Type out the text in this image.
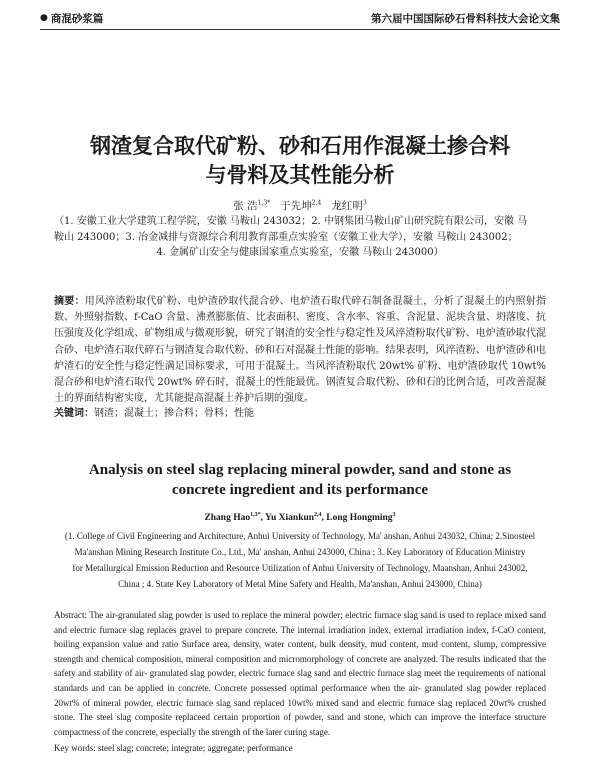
● 商混砂浆篇	第六届中国国际砂石骨料科技大会论文集
钢渣复合取代矿粉、砂和石用作混凝土掺合料
与骨料及其性能分析
张 浩$^{1,3*}$ 于先坤$^{2,4}$ 龙红明$^3$
（1. 安徽工业大学建筑工程学院，安徽 马鞍山 243032；2. 中钢集团马鞍山矿山研究院有限公司，安徽 马
鞍山 243000；3. 冶金减排与资源综合利用教育部重点实验室（安徽工业大学），安徽 马鞍山 243002；
4. 金属矿山安全与健康国家重点实验室，安徽 马鞍山 243000）
摘要：用风淬渣粉取代矿粉、电炉渣砂取代混合砂、电炉渣石取代碎石制备混凝土，分析了混凝土的内照射指数、外照射指数、f-CaO 含量、沸煮膨胀值、比表面积、密度、含水率、容重、含泥量、泥块含量、坍落度、抗压强度及化学组成、矿物组成与微观形貌，研究了钢渣的安全性与稳定性及风淬渣粉取代矿粉、电炉渣砂取代混合砂、电炉渣石取代碎石与钢渣复合取代粉、砂和石对混凝土性能的影响。结果表明，风淬渣粉、电炉渣砂和电炉渣石的安全性与稳定性满足国标要求，可用于混凝土。当风淬渣粉取代 20wt% 矿粉、电炉渣砂取代 10wt% 混合砂和电炉渣石取代 20wt% 碎石时，混凝土的性能最优。钢渣复合取代粉、砂和石的比例合适，可改善混凝土的界面结构密实度，尤其能提高混凝土养护后期的强度。
关键词：钢渣；混凝土；掺合料；骨料；性能
Analysis on steel slag replacing mineral powder, sand and stone as
concrete ingredient and its performance
Zhang Hao$^{1,3*}$, Yu Xiankun$^{2,4}$, Long Hongming$^3$
(1. College of Civil Engineering and Architecture, Anhui University of Technology, Ma' anshan, Anhui 243032, China; 2.Sinosteel
Ma'anshan Mining Research Institute Co., Ltd., Ma' anshan, Anhui 243000, China ; 3. Key Laboratory of Education Ministry
for Metallurgical Emission Reduction and Resource Utilization of Anhui University of Technology, Maanshan, Anhui 243002,
China ; 4. State Key Laboratory of Metal Mine Safety and Health, Ma'anshan, Anhui 243000, China)
Abstract: The air-granulated slag powder is used to replace the mineral powder; electric furnace slag sand is used to replace mixed sand and electric furnace slag replaces gravel to prepare concrete. The internal irradiation index, external irradiation index, f-CaO content, boiling expansion value and ratio Surface area, density, water content, bulk density, mud content, mud content, slump, compressive strength and chemical composition, mineral composition and micromorphology of concrete are analyzed. The results indicated that the safety and stability of air- granulated slag powder, electric furnace slag sand and electric furnace slag meet the requirements of national standards and can be applied in concrete. Concrete possessed optimal performance when the air- granulated slag powder replaced 20wt% of mineral powder, electric furnace slag sand replaced 10wt% mixed sand and electric furnace slag replaced 20wt% crushed stone. The steel slag composite replaceed certain proportion of powder, sand and stone, which can improve the interface structure compactness of the concrete, especially the strength of the later curing stage.
Key words: steel slag; concrete; integrate; aggregate; performance
